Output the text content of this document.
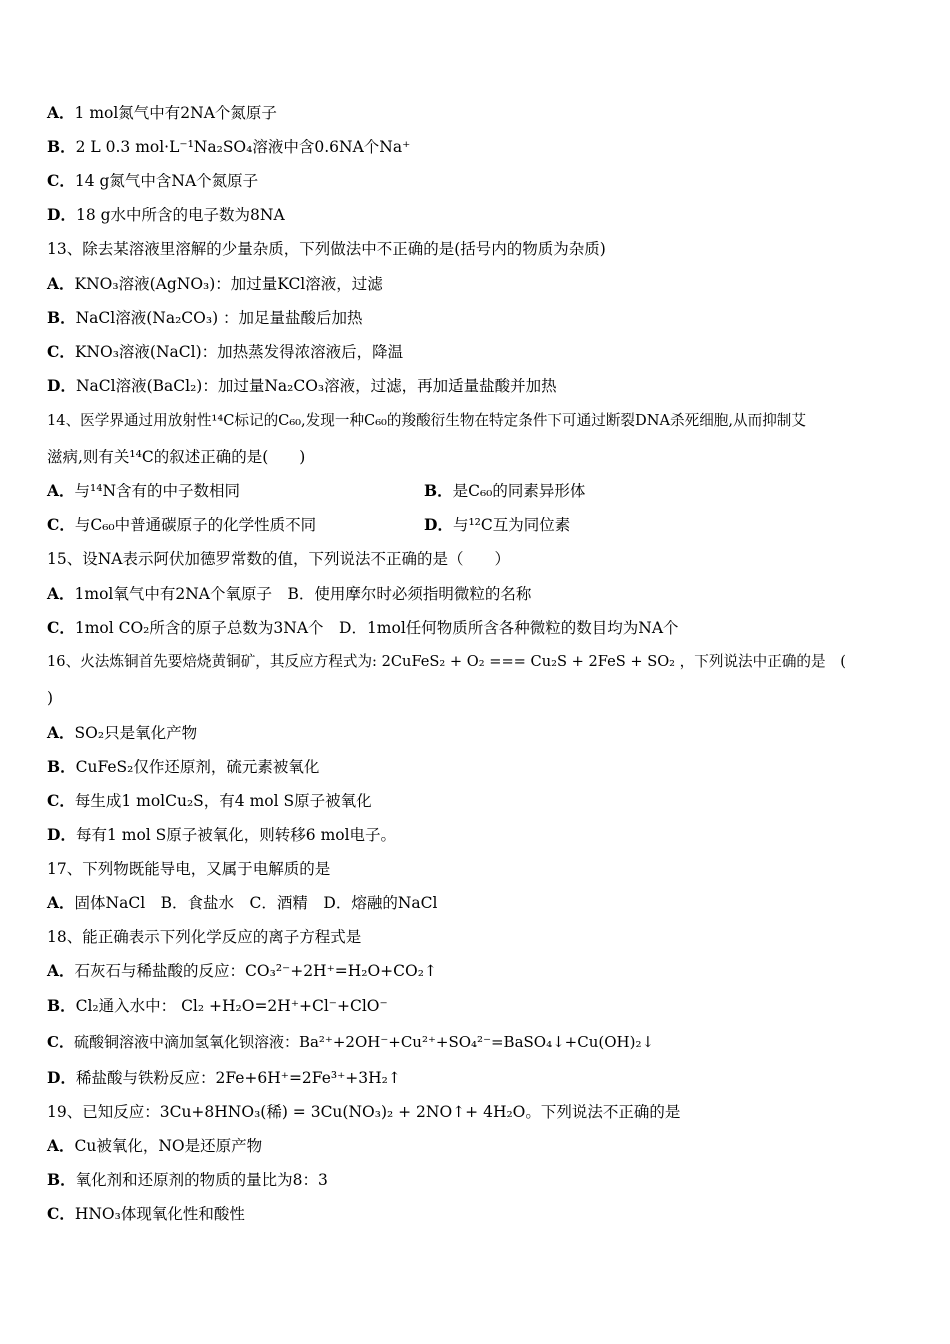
A．1 mol氮气中有2NA个氮原子
B．2 L 0.3 mol·L⁻¹Na₂SO₄溶液中含0.6NA个Na⁺
C．14 g氮气中含NA个氮原子
D．18 g水中所含的电子数为8NA
13、除去某溶液里溶解的少量杂质，下列做法中不正确的是(括号内的物质为杂质)
A．KNO₃溶液(AgNO₃)：加过量KCl溶液，过滤
B．NaCl溶液(Na₂CO₃) ：加足量盐酸后加热
C．KNO₃溶液(NaCl)：加热蒸发得浓溶液后，降温
D．NaCl溶液(BaCl₂)：加过量Na₂CO₃溶液，过滤，再加适量盐酸并加热
14、医学界通过用放射性¹⁴C标记的C₆₀,发现一种C₆₀的羧酸衍生物在特定条件下可通过断裂DNA杀死细胞,从而抑制艾
滋病,则有关¹⁴C的叙述正确的是(　　)
A．与¹⁴N含有的中子数相同	B．是C₆₀的同素异形体
C．与C₆₀中普通碳原子的化学性质不同	D．与¹²C互为同位素
15、设NA表示阿伏加德罗常数的值，下列说法不正确的是（　　）
A．1mol氧气中有2NA个氧原子　B．使用摩尔时必须指明微粒的名称
C．1mol CO₂所含的原子总数为3NA个　D．1mol任何物质所含各种微粒的数目均为NA个
16、火法炼铜首先要焙烧黄铜矿，其反应方程式为: 2CuFeS₂ + O₂ === Cu₂S + 2FeS + SO₂ ，下列说法中正确的是　(
)
A．SO₂只是氧化产物
B．CuFeS₂仅作还原剂，硫元素被氧化
C．每生成1 molCu₂S，有4 mol S原子被氧化
D．每有1 mol S原子被氧化，则转移6 mol电子。
17、下列物既能导电，又属于电解质的是
A．固体NaCl　B．食盐水　C．酒精　D．熔融的NaCl
18、能正确表示下列化学反应的离子方程式是
A．石灰石与稀盐酸的反应：CO₃²⁻+2H⁺=H₂O+CO₂↑
B．Cl₂通入水中： Cl₂ +H₂O=2H⁺+Cl⁻+ClO⁻
C．硫酸铜溶液中滴加氢氧化钡溶液：Ba²⁺+2OH⁻+Cu²⁺+SO₄²⁻=BaSO₄↓+Cu(OH)₂↓
D．稀盐酸与铁粉反应：2Fe+6H⁺=2Fe³⁺+3H₂↑
19、已知反应：3Cu+8HNO₃(稀) = 3Cu(NO₃)₂ + 2NO↑+ 4H₂O。下列说法不正确的是
A．Cu被氧化，NO是还原产物
B．氧化剂和还原剂的物质的量比为8：3
C．HNO₃体现氧化性和酸性
